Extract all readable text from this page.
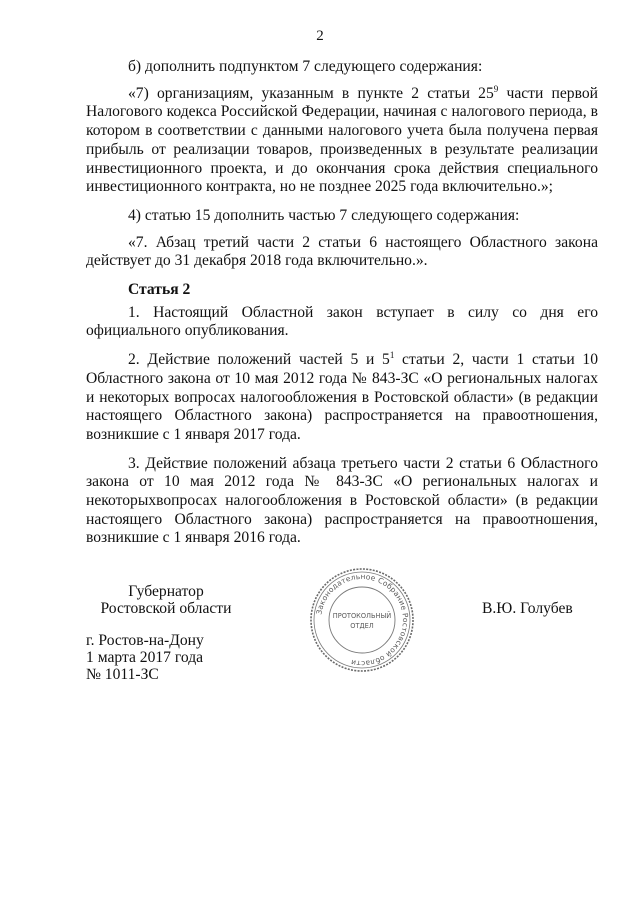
2

б) дополнить подпунктом 7 следующего содержания:

«7) организациям, указанным в пункте 2 статьи $25^9$ части первой Налогового кодекса Российской Федерации, начиная с налогового периода, в котором в соответствии с данными налогового учета была получена первая прибыль от реализации товаров, произведенных в результате реализации инвестиционного проекта, и до окончания срока действия специального инвестиционного контракта, но не позднее 2025 года включительно.»;

4) статью 15 дополнить частью 7 следующего содержания:

«7. Абзац третий части 2 статьи 6 настоящего Областного закона действует до 31 декабря 2018 года включительно.».

Статья 2

1. Настоящий Областной закон вступает в силу со дня его официального опубликования.

2. Действие положений частей 5 и $5^1$ статьи 2, части 1 статьи 10 Областного закона от 10 мая 2012 года № 843-ЗС «О региональных налогах и некоторых вопросах налогообложения в Ростовской области» (в редакции настоящего Областного закона) распространяется на правоотношения, возникшие с 1 января 2017 года.

3. Действие положений абзаца третьего части 2 статьи 6 Областного закона от 10 мая 2012 года № 843-ЗС «О региональных налогах и некоторыхвопросах налогообложения в Ростовской области» (в редакции настоящего Областного закона) распространяется на правоотношения, возникшие с 1 января 2016 года.

Губернатор
Ростовской области	В.Ю. Голубев
г. Ростов-на-Дону
1 марта 2017 года
№ 1011-ЗС
Законодательное Собрание Ростовской области
ПРОТОКОЛЬНЫЙ
ОТДЕЛ
